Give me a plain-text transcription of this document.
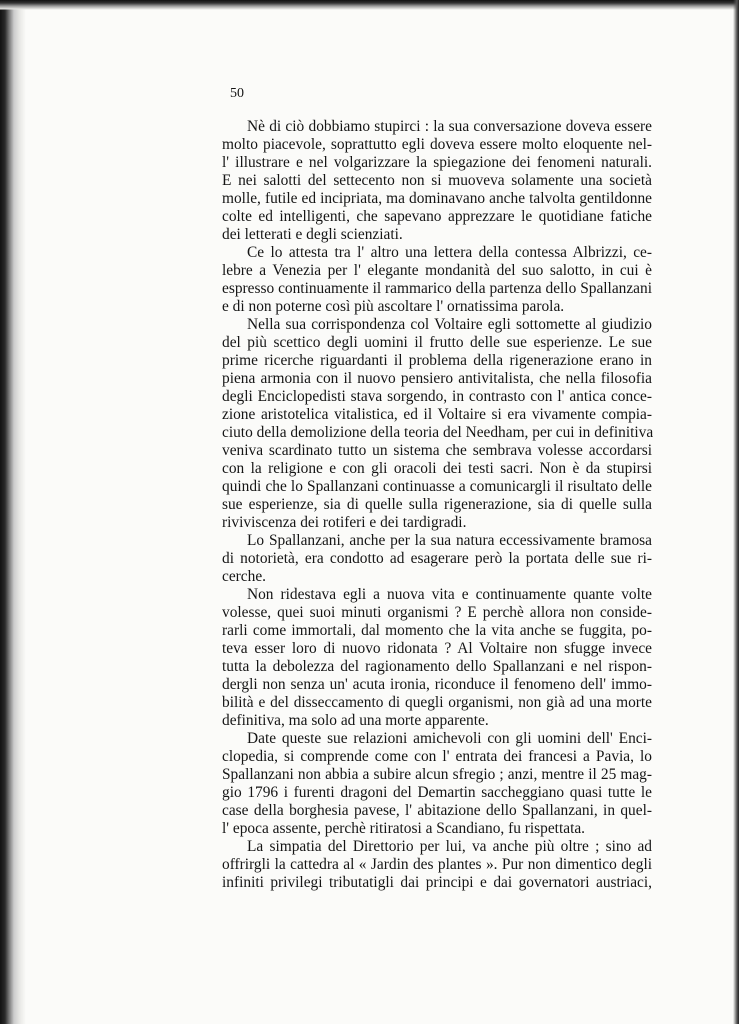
50
Nè di ciò dobbiamo stupirci : la sua conversazione doveva essere
molto piacevole, soprattutto egli doveva essere molto eloquente nel-
l' illustrare e nel volgarizzare la spiegazione dei fenomeni naturali.
E nei salotti del settecento non si muoveva solamente una società
molle, futile ed incipriata, ma dominavano anche talvolta gentildonne
colte ed intelligenti, che sapevano apprezzare le quotidiane fatiche
dei letterati e degli scienziati.
Ce lo attesta tra l' altro una lettera della contessa Albrizzi, ce-
lebre a Venezia per l' elegante mondanità del suo salotto, in cui è
espresso continuamente il rammarico della partenza dello Spallanzani
e di non poterne così più ascoltare l' ornatissima parola.
Nella sua corrispondenza col Voltaire egli sottomette al giudizio
del più scettico degli uomini il frutto delle sue esperienze. Le sue
prime ricerche riguardanti il problema della rigenerazione erano in
piena armonia con il nuovo pensiero antivitalista, che nella filosofia
degli Enciclopedisti stava sorgendo, in contrasto con l' antica conce-
zione aristotelica vitalistica, ed il Voltaire si era vivamente compia-
ciuto della demolizione della teoria del Needham, per cui in definitiva
veniva scardinato tutto un sistema che sembrava volesse accordarsi
con la religione e con gli oracoli dei testi sacri. Non è da stupirsi
quindi che lo Spallanzani continuasse a comunicargli il risultato delle
sue esperienze, sia di quelle sulla rigenerazione, sia di quelle sulla
riviviscenza dei rotiferi e dei tardigradi.
Lo Spallanzani, anche per la sua natura eccessivamente bramosa
di notorietà, era condotto ad esagerare però la portata delle sue ri-
cerche.
Non ridestava egli a nuova vita e continuamente quante volte
volesse, quei suoi minuti organismi ? E perchè allora non conside-
rarli come immortali, dal momento che la vita anche se fuggita, po-
teva esser loro di nuovo ridonata ? Al Voltaire non sfugge invece
tutta la debolezza del ragionamento dello Spallanzani e nel rispon-
dergli non senza un' acuta ironia, riconduce il fenomeno dell' immo-
bilità e del disseccamento di quegli organismi, non già ad una morte
definitiva, ma solo ad una morte apparente.
Date queste sue relazioni amichevoli con gli uomini dell' Enci-
clopedia, si comprende come con l' entrata dei francesi a Pavia, lo
Spallanzani non abbia a subire alcun sfregio ; anzi, mentre il 25 mag-
gio 1796 i furenti dragoni del Demartin saccheggiano quasi tutte le
case della borghesia pavese, l' abitazione dello Spallanzani, in quel-
l' epoca assente, perchè ritiratosi a Scandiano, fu rispettata.
La simpatia del Direttorio per lui, va anche più oltre ; sino ad
offrirgli la cattedra al « Jardin des plantes ». Pur non dimentico degli
infiniti privilegi tributatigli dai principi e dai governatori austriaci,
